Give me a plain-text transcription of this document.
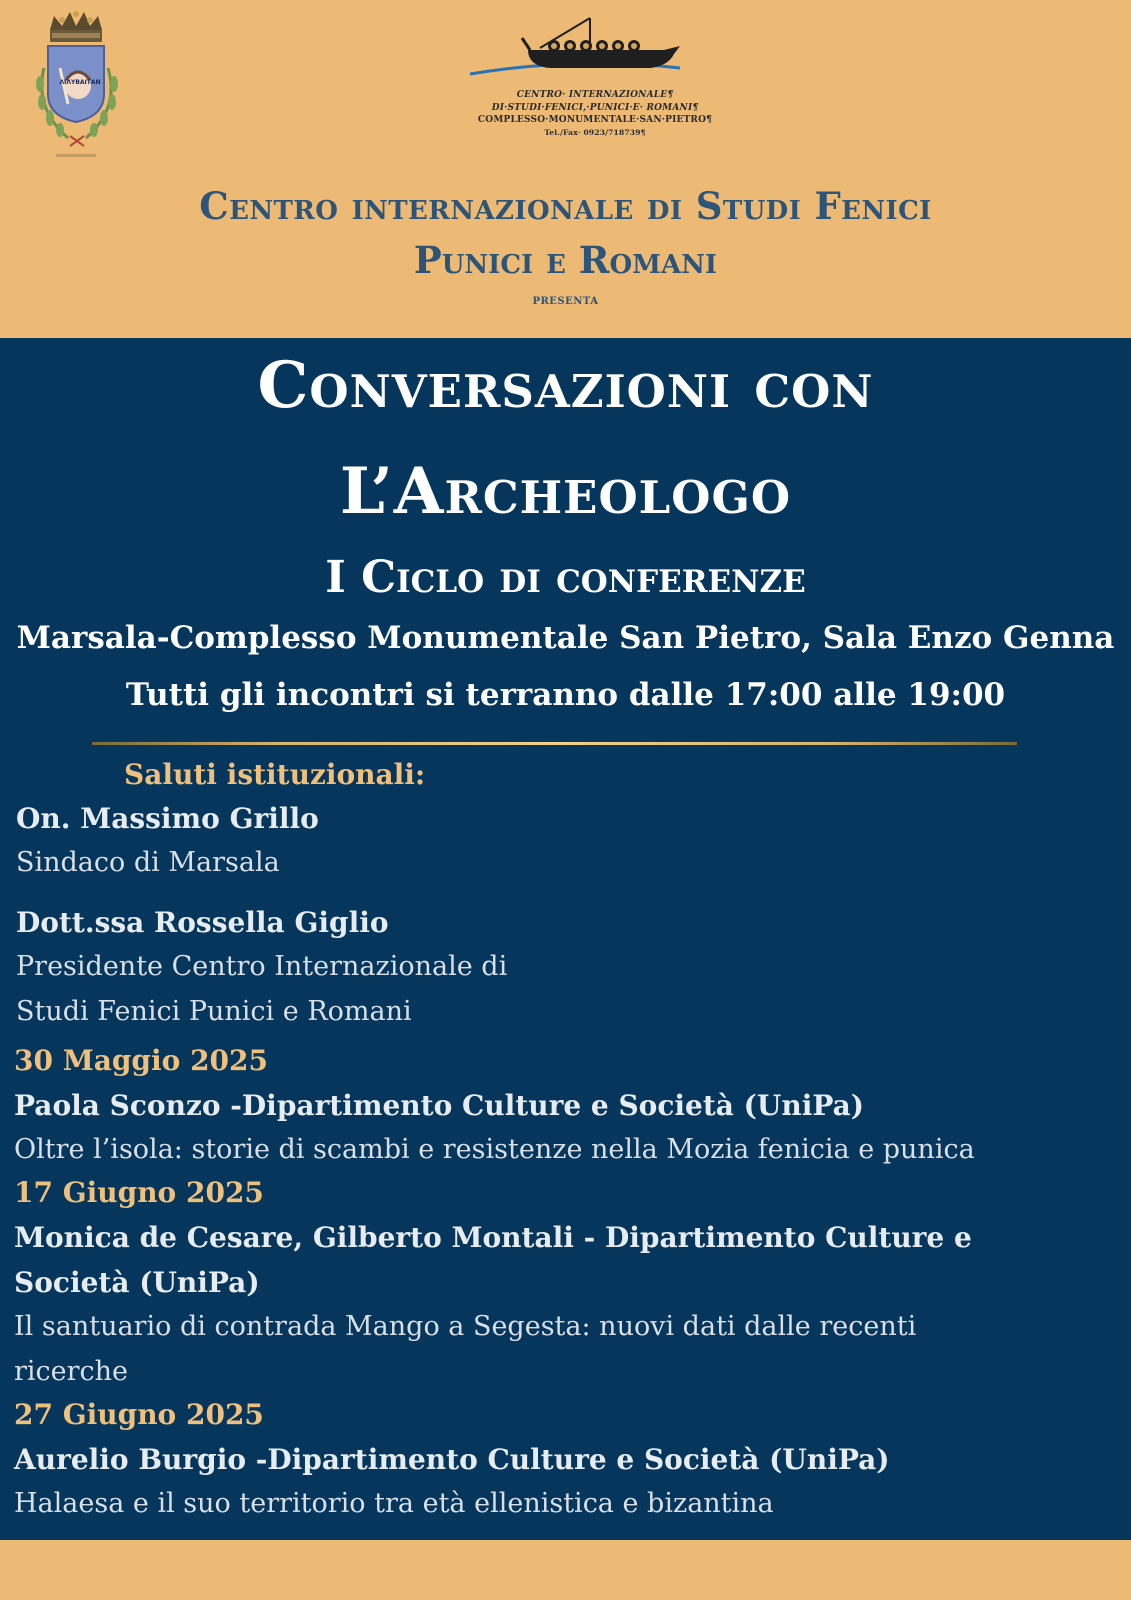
ΛΙΛΥΒΑΙΤΑΝ
CENTRO· INTERNAZIONALE¶
DI·STUDI·FENICI,·PUNICI·E· ROMANI¶
COMPLESSO·MONUMENTALE·SAN·PIETRO¶
Tel./Fax· 0923/718739¶
Centro internazionale di Studi Fenici
Punici e Romani
presenta
Conversazioni con
L’Archeologo
I Ciclo di conferenze
Marsala-Complesso Monumentale San Pietro, Sala Enzo Genna
Tutti gli incontri si terranno dalle 17:00 alle 19:00
Saluti istituzionali:
On. Massimo Grillo
Sindaco di Marsala
Dott.ssa Rossella Giglio
Presidente Centro Internazionale di
Studi Fenici Punici e Romani
30 Maggio 2025
Paola Sconzo -Dipartimento Culture e Società (UniPa)
Oltre l’isola: storie di scambi e resistenze nella Mozia fenicia e punica
17 Giugno 2025
Monica de Cesare, Gilberto Montali - Dipartimento Culture e
Società (UniPa)
Il santuario di contrada Mango a Segesta: nuovi dati dalle recenti
ricerche
27 Giugno 2025
Aurelio Burgio -Dipartimento Culture e Società (UniPa)
Halaesa e il suo territorio tra età ellenistica e bizantina
